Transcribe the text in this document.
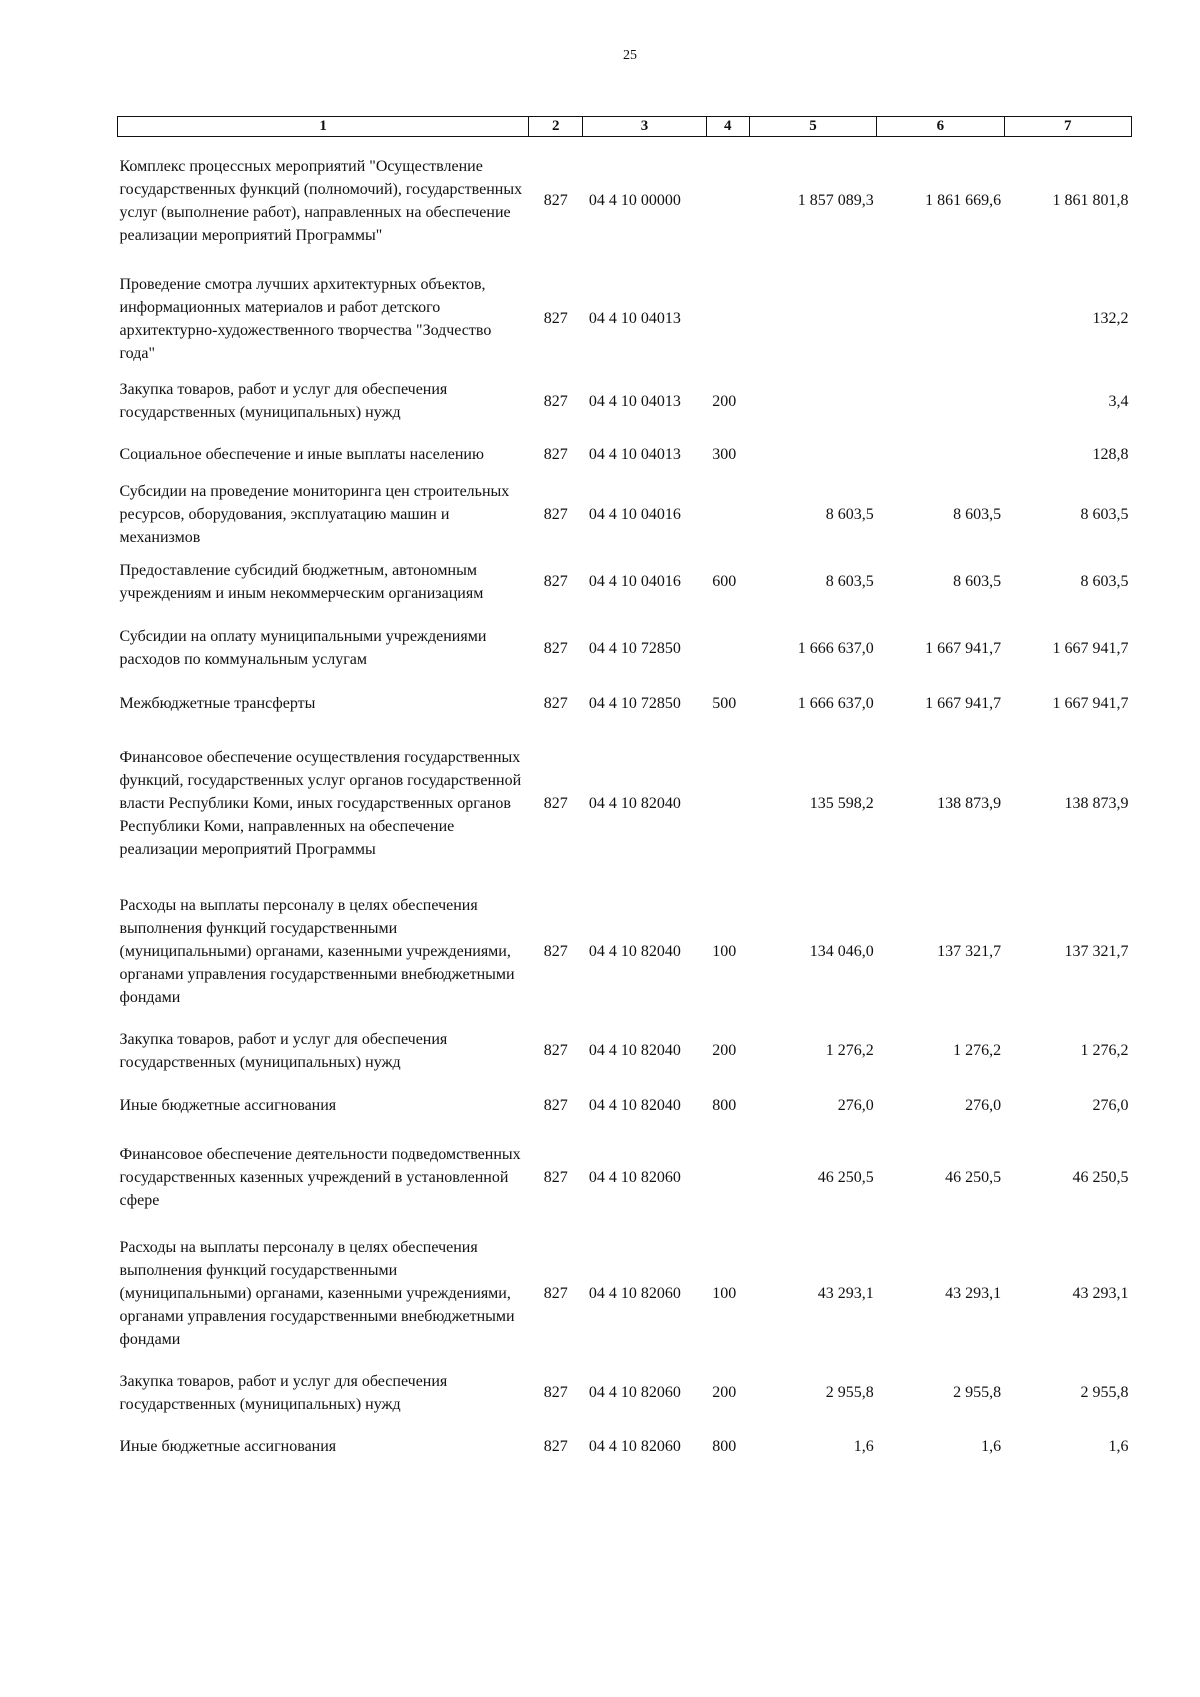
25
1	2	3	4	5	6	7
Комплекс процессных мероприятий "Осуществление государственных функций (полномочий), государственных услуг (выполнение работ), направленных на обеспечение реализации мероприятий Программы"	827	04 4 10 00000		1 857 089,3	1 861 669,6	1 861 801,8
Проведение смотра лучших архитектурных объектов, информационных материалов и работ детского архитектурно-художественного творчества "Зодчество года"	827	04 4 10 04013				132,2
Закупка товаров, работ и услуг для обеспечения государственных (муниципальных) нужд	827	04 4 10 04013	200			3,4
Социальное обеспечение и иные выплаты населению	827	04 4 10 04013	300			128,8
Субсидии на проведение мониторинга цен строительных ресурсов, оборудования, эксплуатацию машин и механизмов	827	04 4 10 04016		8 603,5	8 603,5	8 603,5
Предоставление субсидий бюджетным, автономным учреждениям и иным некоммерческим организациям	827	04 4 10 04016	600	8 603,5	8 603,5	8 603,5
Субсидии на оплату муниципальными учреждениями расходов по коммунальным услугам	827	04 4 10 72850		1 666 637,0	1 667 941,7	1 667 941,7
Межбюджетные трансферты	827	04 4 10 72850	500	1 666 637,0	1 667 941,7	1 667 941,7
Финансовое обеспечение осуществления государственных функций, государственных услуг органов государственной власти Республики Коми, иных государственных органов Республики Коми, направленных на обеспечение реализации мероприятий Программы	827	04 4 10 82040		135 598,2	138 873,9	138 873,9
Расходы на выплаты персоналу в целях обеспечения выполнения функций государственными (муниципальными) органами, казенными учреждениями, органами управления государственными внебюджетными фондами	827	04 4 10 82040	100	134 046,0	137 321,7	137 321,7
Закупка товаров, работ и услуг для обеспечения государственных (муниципальных) нужд	827	04 4 10 82040	200	1 276,2	1 276,2	1 276,2
Иные бюджетные ассигнования	827	04 4 10 82040	800	276,0	276,0	276,0
Финансовое обеспечение деятельности подведомственных государственных казенных учреждений в установленной сфере	827	04 4 10 82060		46 250,5	46 250,5	46 250,5
Расходы на выплаты персоналу в целях обеспечения выполнения функций государственными (муниципальными) органами, казенными учреждениями, органами управления государственными внебюджетными фондами	827	04 4 10 82060	100	43 293,1	43 293,1	43 293,1
Закупка товаров, работ и услуг для обеспечения государственных (муниципальных) нужд	827	04 4 10 82060	200	2 955,8	2 955,8	2 955,8
Иные бюджетные ассигнования	827	04 4 10 82060	800	1,6	1,6	1,6
